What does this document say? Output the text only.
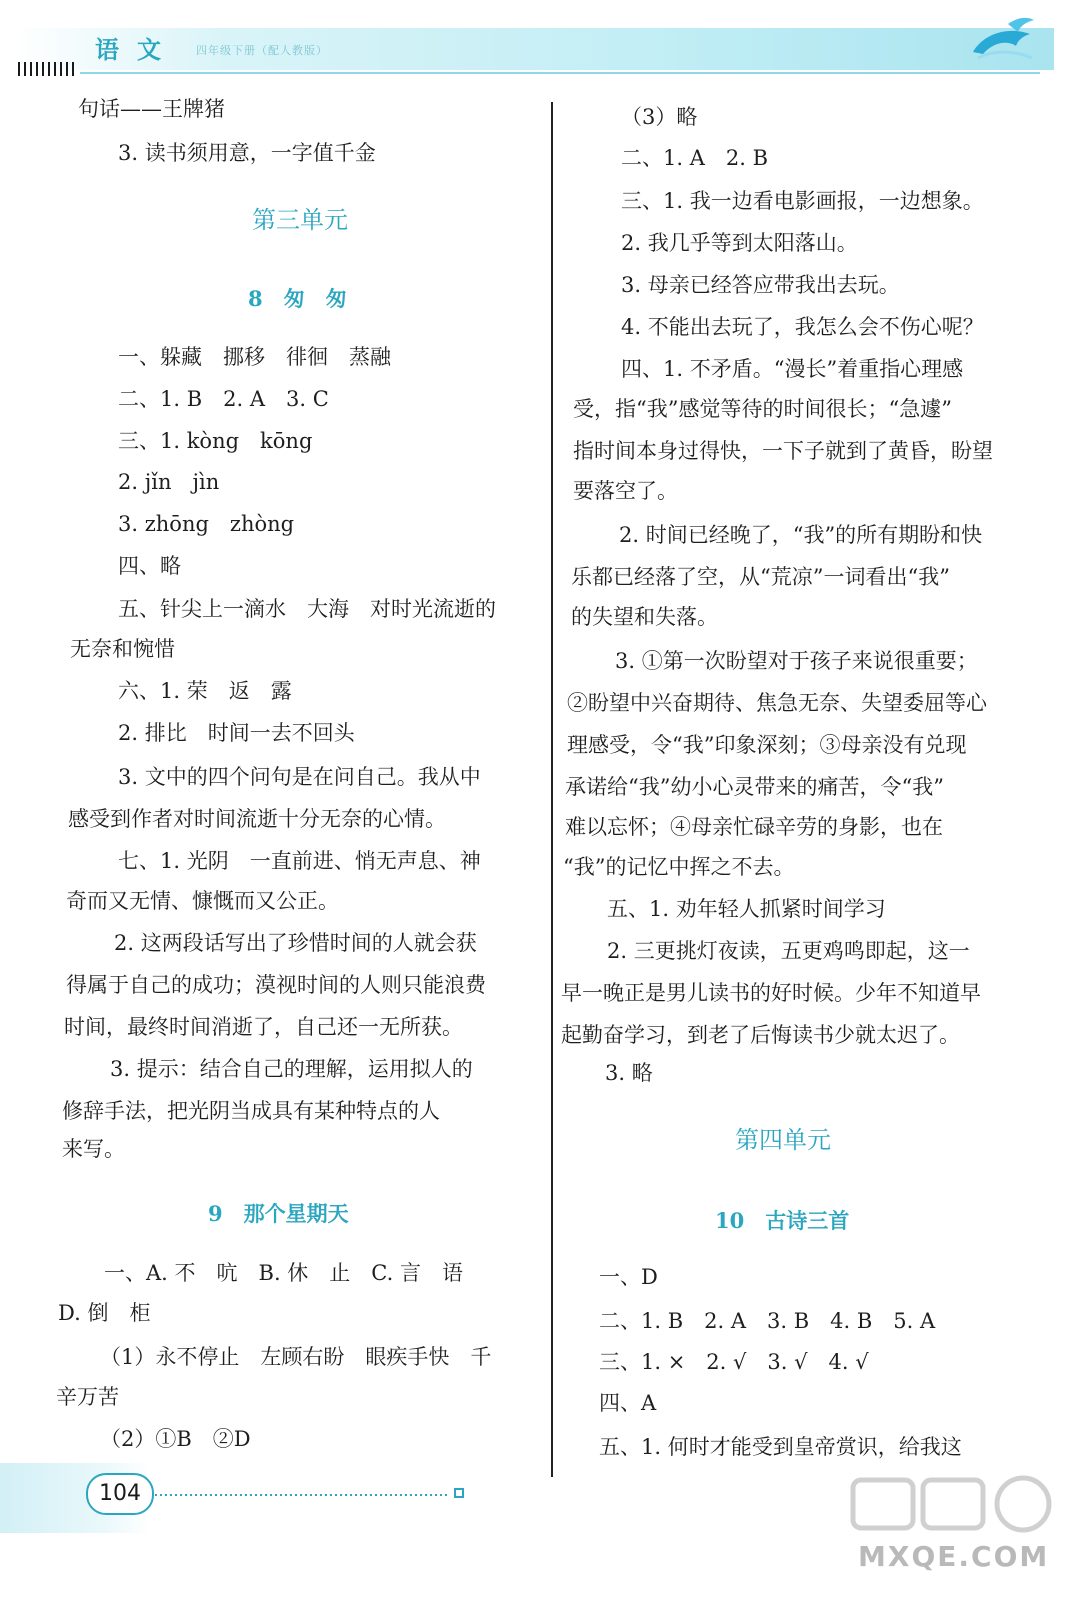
语文 四年级下册（配人教版）
句话——王牌猪
3. 读书须用意，一字值千金
第三单元
8　匆　匆
一、躲藏　挪移　徘徊　蒸融
二、1. B　2. A　3. C
三、1. kòng　kōng
2. jǐn　jìn
3. zhōng　zhòng
四、略
五、针尖上一滴水　大海　对时光流逝的
无奈和惋惜
六、1. 荣　返　露
2. 排比　时间一去不回头
3. 文中的四个问句是在问自己。我从中
感受到作者对时间流逝十分无奈的心情。
七、1. 光阴　一直前进、悄无声息、神
奇而又无情、慷慨而又公正。
2. 这两段话写出了珍惜时间的人就会获
得属于自己的成功；漠视时间的人则只能浪费
时间，最终时间消逝了，自己还一无所获。
3. 提示：结合自己的理解，运用拟人的
修辞手法，把光阴当成具有某种特点的人
来写。
9　那个星期天
一、A. 不　吭　B. 休　止　C. 言　语
D. 倒　柜
（1）永不停止　左顾右盼　眼疾手快　千
辛万苦
（2）①B　②D
（3）略
二、1. A　2. B
三、1. 我一边看电影画报，一边想象。
2. 我几乎等到太阳落山。
3. 母亲已经答应带我出去玩。
4. 不能出去玩了，我怎么会不伤心呢？
四、1. 不矛盾。“漫长”着重指心理感
受，指“我”感觉等待的时间很长；“急遽”
指时间本身过得快，一下子就到了黄昏，盼望
要落空了。
2. 时间已经晚了，“我”的所有期盼和快
乐都已经落了空，从“荒凉”一词看出“我”
的失望和失落。
3. ①第一次盼望对于孩子来说很重要；
②盼望中兴奋期待、焦急无奈、失望委屈等心
理感受，令“我”印象深刻；③母亲没有兑现
承诺给“我”幼小心灵带来的痛苦，令“我”
难以忘怀；④母亲忙碌辛劳的身影，也在
“我”的记忆中挥之不去。
五、1. 劝年轻人抓紧时间学习
2. 三更挑灯夜读，五更鸡鸣即起，这一
早一晚正是男儿读书的好时候。少年不知道早
起勤奋学习，到老了后悔读书少就太迟了。
3. 略
第四单元
10　古诗三首
一、D
二、1. B　2. A　3. B　4. B　5. A
三、1. ×　2. √　3. √　4. √
四、A
五、1. 何时才能受到皇帝赏识，给我这
104
MXQE.COM
